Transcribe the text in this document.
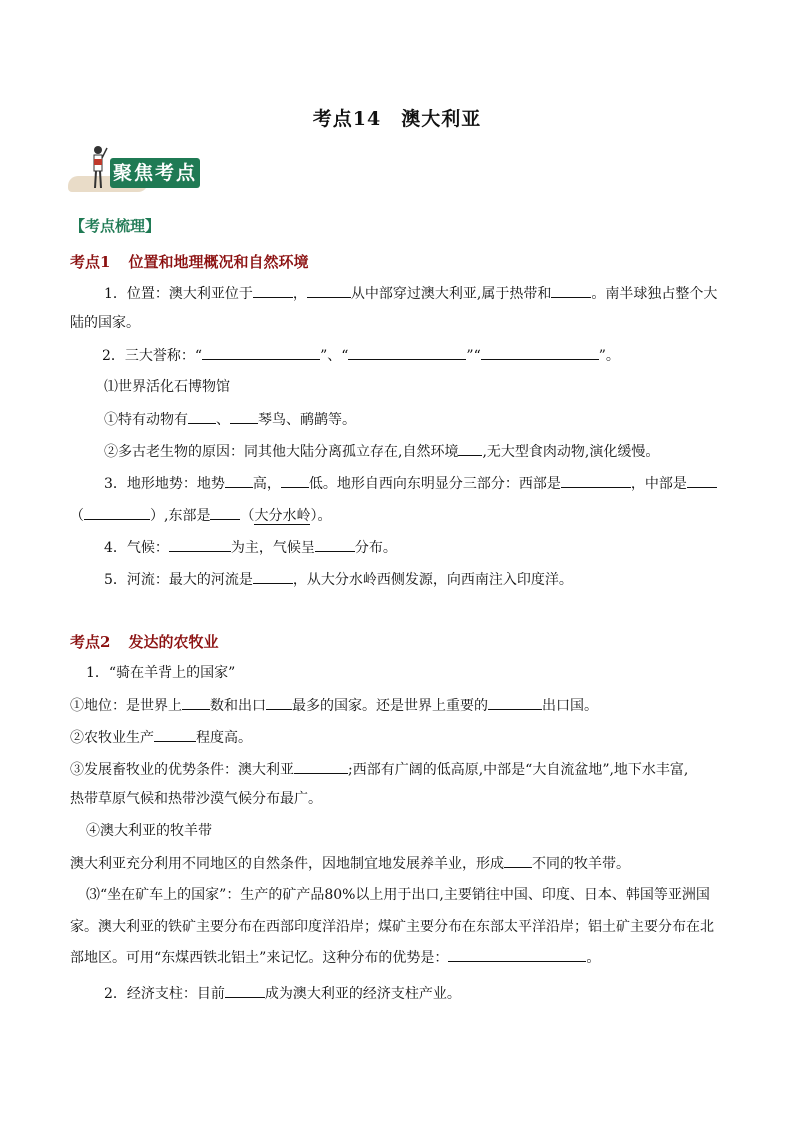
考点14　澳大利亚
聚焦考点
【考点梳理】
考点1 位置和地理概况和自然环境
1．位置：澳大利亚位于	，	从中部穿过澳大利亚,属于热带和	。南半球独占整个大
陆的国家。
2．三大誉称：“	”、“	”“	”。
⑴世界活化石博物馆
①特有动物有 、 琴鸟、鸸鹋等。
②多古老生物的原因：同其他大陆分离孤立存在,自然环境 ,无大型食肉动物,演化缓慢。
3．地形地势：地势 高， 低。地形自西向东明显分三部分：西部是	，中部是
（	）,东部是 （大分水岭）。
4．气候：	为主，气候呈	分布。
5．河流：最大的河流是	，从大分水岭西侧发源，向西南注入印度洋。
考点2 发达的农牧业
1．“骑在羊背上的国家”
①地位：是世界上 数和出口 最多的国家。还是世界上重要的	出口国。
②农牧业生产	程度高。
③发展畜牧业的优势条件：澳大利亚	;西部有广阔的低高原,中部是“大自流盆地”,地下水丰富,
热带草原气候和热带沙漠气候分布最广。
④澳大利亚的牧羊带
澳大利亚充分利用不同地区的自然条件，因地制宜地发展养羊业，形成 不同的牧羊带。
⑶“坐在矿车上的国家”：生产的矿产品80%以上用于出口,主要销往中国、印度、日本、韩国等亚洲国
家。澳大利亚的铁矿主要分布在西部印度洋沿岸；煤矿主要分布在东部太平洋沿岸；铝土矿主要分布在北
部地区。可用“东煤西铁北铝土”来记忆。这种分布的优势是：	。
2．经济支柱：目前	成为澳大利亚的经济支柱产业。
